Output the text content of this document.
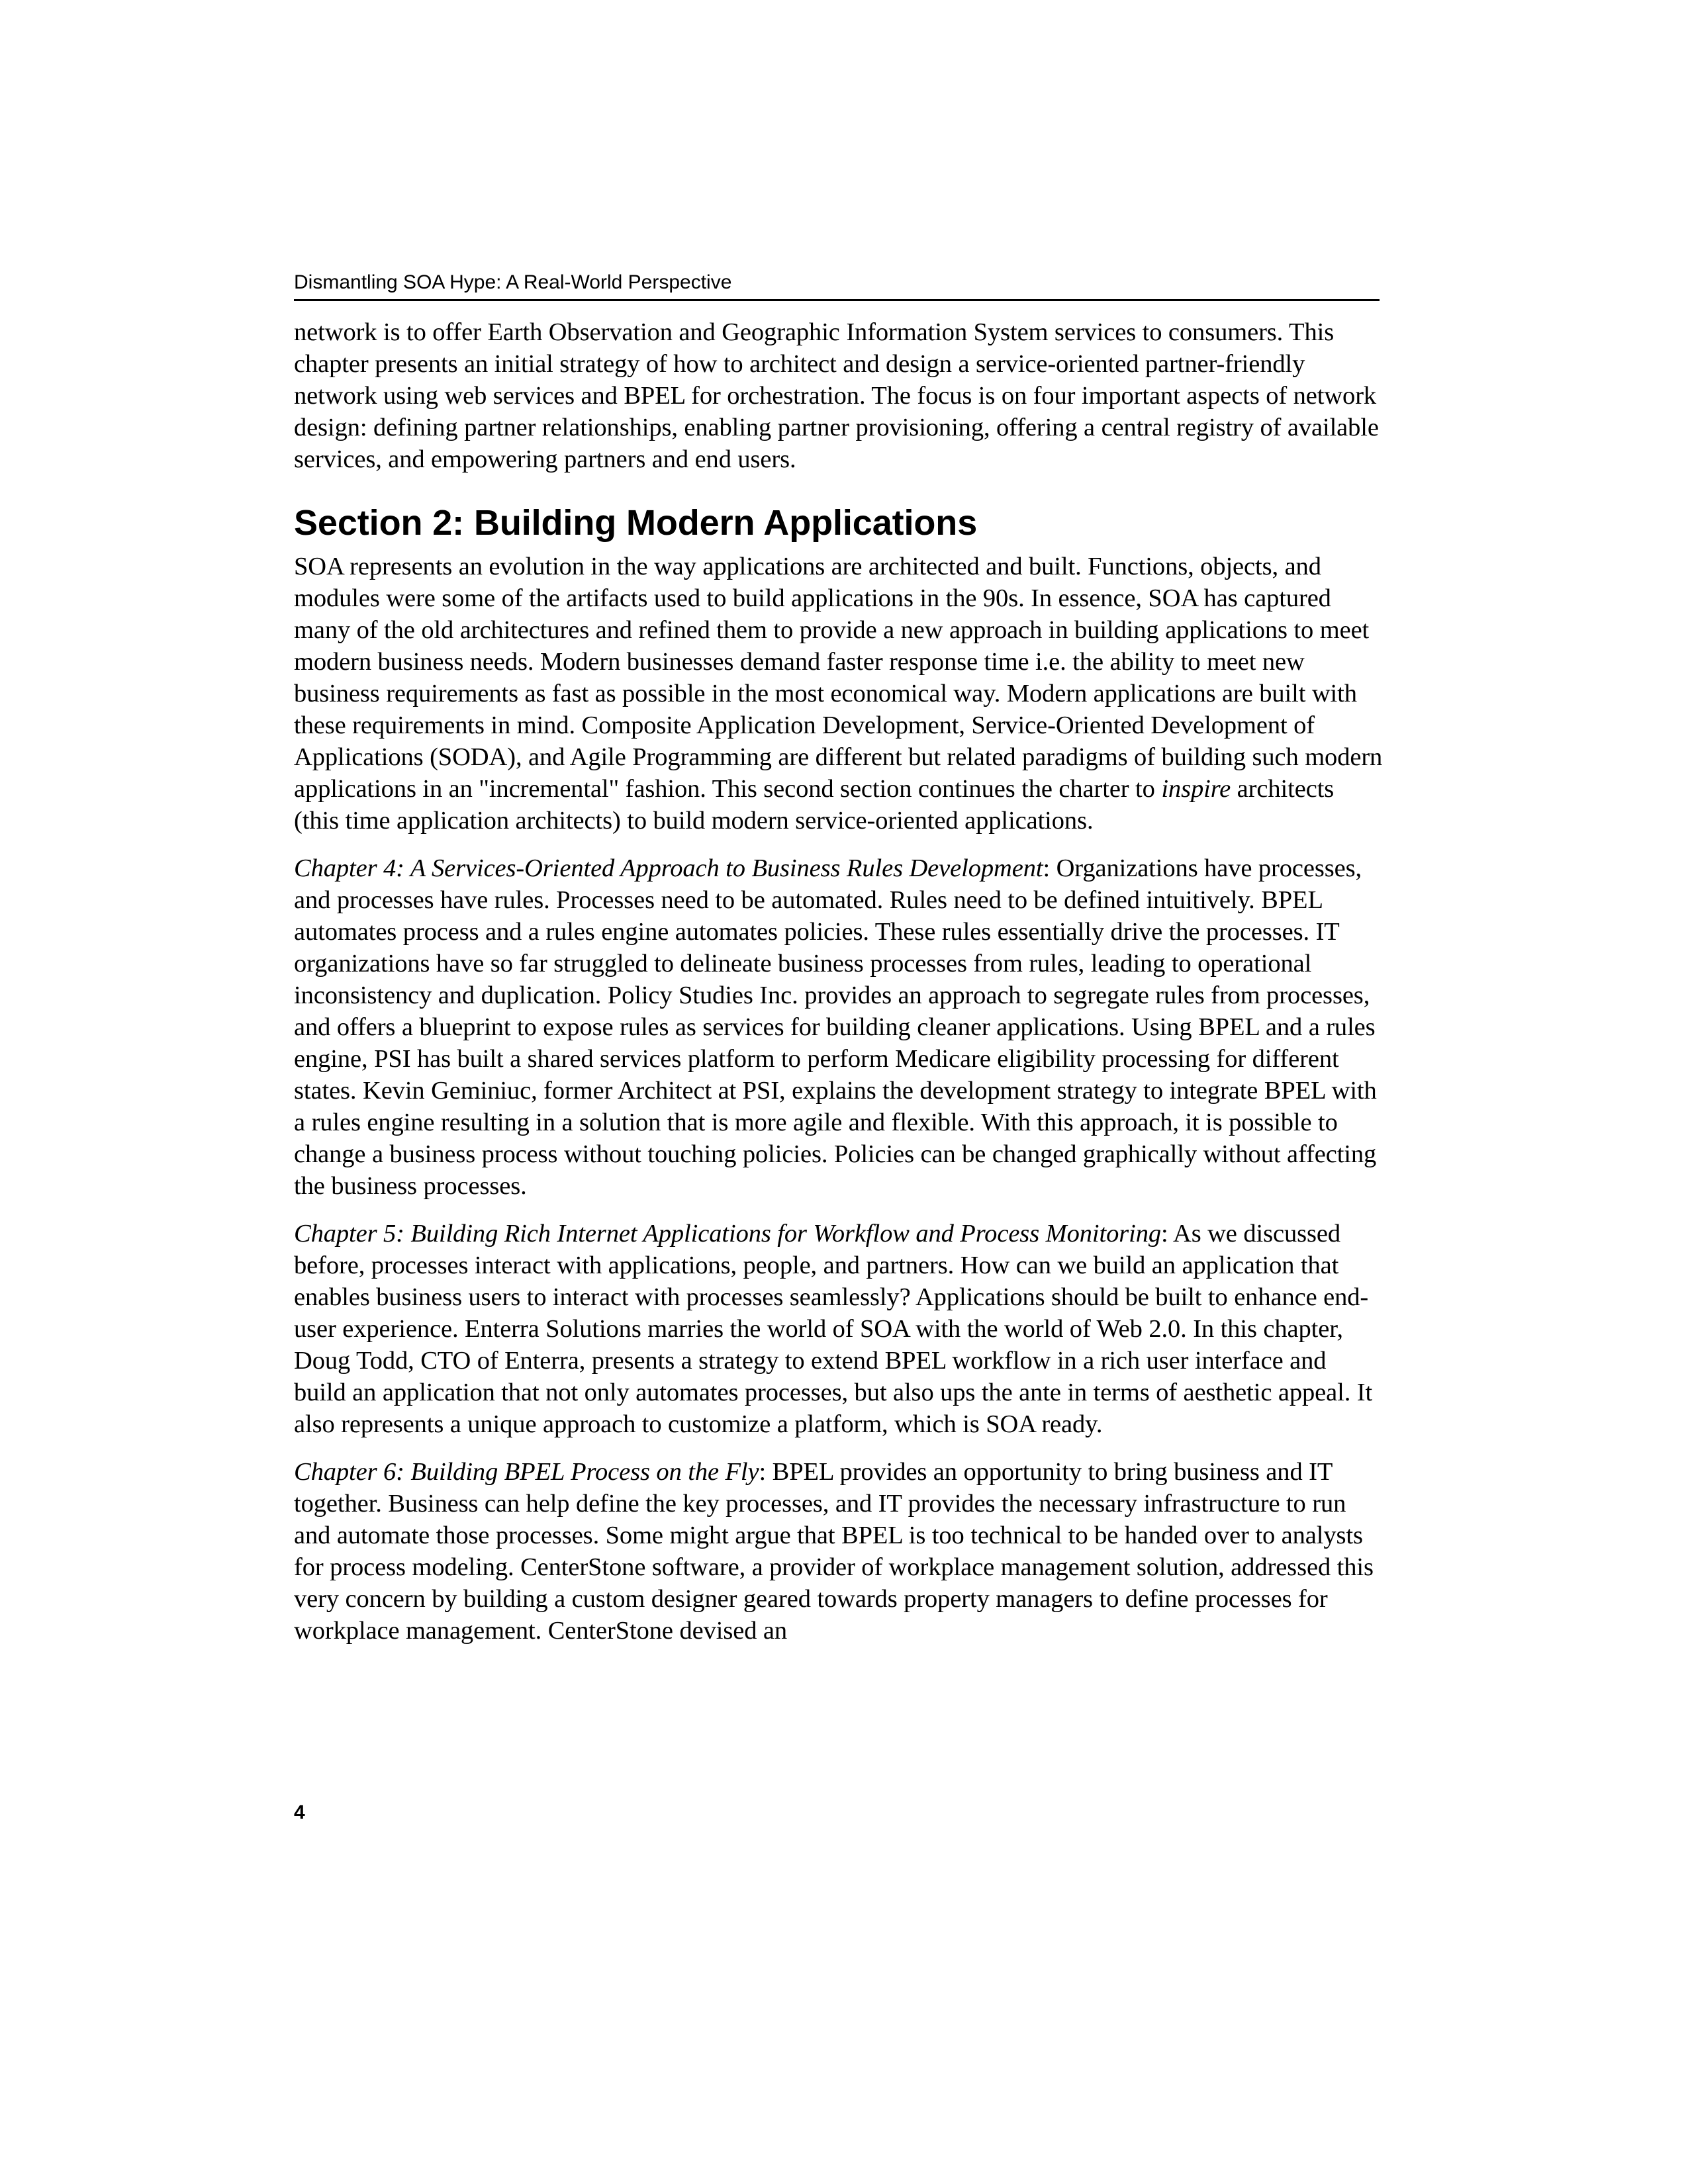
Dismantling SOA Hype: A Real-World Perspective

network is to offer Earth Observation and Geographic Information System services to consumers. This chapter presents an initial strategy of how to architect and design a service-oriented partner-friendly network using web services and BPEL for orchestration. The focus is on four important aspects of network design: defining partner relationships, enabling partner provisioning, offering a central registry of available services, and empowering partners and end users.

Section 2: Building Modern Applications

SOA represents an evolution in the way applications are architected and built. Functions, objects, and modules were some of the artifacts used to build applications in the 90s. In essence, SOA has captured many of the old architectures and refined them to provide a new approach in building applications to meet modern business needs. Modern businesses demand faster response time i.e. the ability to meet new business requirements as fast as possible in the most economical way. Modern applications are built with these requirements in mind. Composite Application Development, Service-Oriented Development of Applications (SODA), and Agile Programming are different but related paradigms of building such modern applications in an "incremental" fashion. This second section continues the charter to inspire architects (this time application architects) to build modern service-oriented applications.

Chapter 4: A Services-Oriented Approach to Business Rules Development: Organizations have processes, and processes have rules. Processes need to be automated. Rules need to be defined intuitively. BPEL automates process and a rules engine automates policies. These rules essentially drive the processes. IT organizations have so far struggled to delineate business processes from rules, leading to operational inconsistency and duplication. Policy Studies Inc. provides an approach to segregate rules from processes, and offers a blueprint to expose rules as services for building cleaner applications. Using BPEL and a rules engine, PSI has built a shared services platform to perform Medicare eligibility processing for different states. Kevin Geminiuc, former Architect at PSI, explains the development strategy to integrate BPEL with a rules engine resulting in a solution that is more agile and flexible. With this approach, it is possible to change a business process without touching policies. Policies can be changed graphically without affecting the business processes.

Chapter 5: Building Rich Internet Applications for Workflow and Process Monitoring: As we discussed before, processes interact with applications, people, and partners. How can we build an application that enables business users to interact with processes seamlessly? Applications should be built to enhance end-user experience. Enterra Solutions marries the world of SOA with the world of Web 2.0. In this chapter, Doug Todd, CTO of Enterra, presents a strategy to extend BPEL workflow in a rich user interface and build an application that not only automates processes, but also ups the ante in terms of aesthetic appeal. It also represents a unique approach to customize a platform, which is SOA ready.

Chapter 6: Building BPEL Process on the Fly: BPEL provides an opportunity to bring business and IT together. Business can help define the key processes, and IT provides the necessary infrastructure to run and automate those processes. Some might argue that BPEL is too technical to be handed over to analysts for process modeling. CenterStone software, a provider of workplace management solution, addressed this very concern by building a custom designer geared towards property managers to define processes for workplace management. CenterStone devised an

4
